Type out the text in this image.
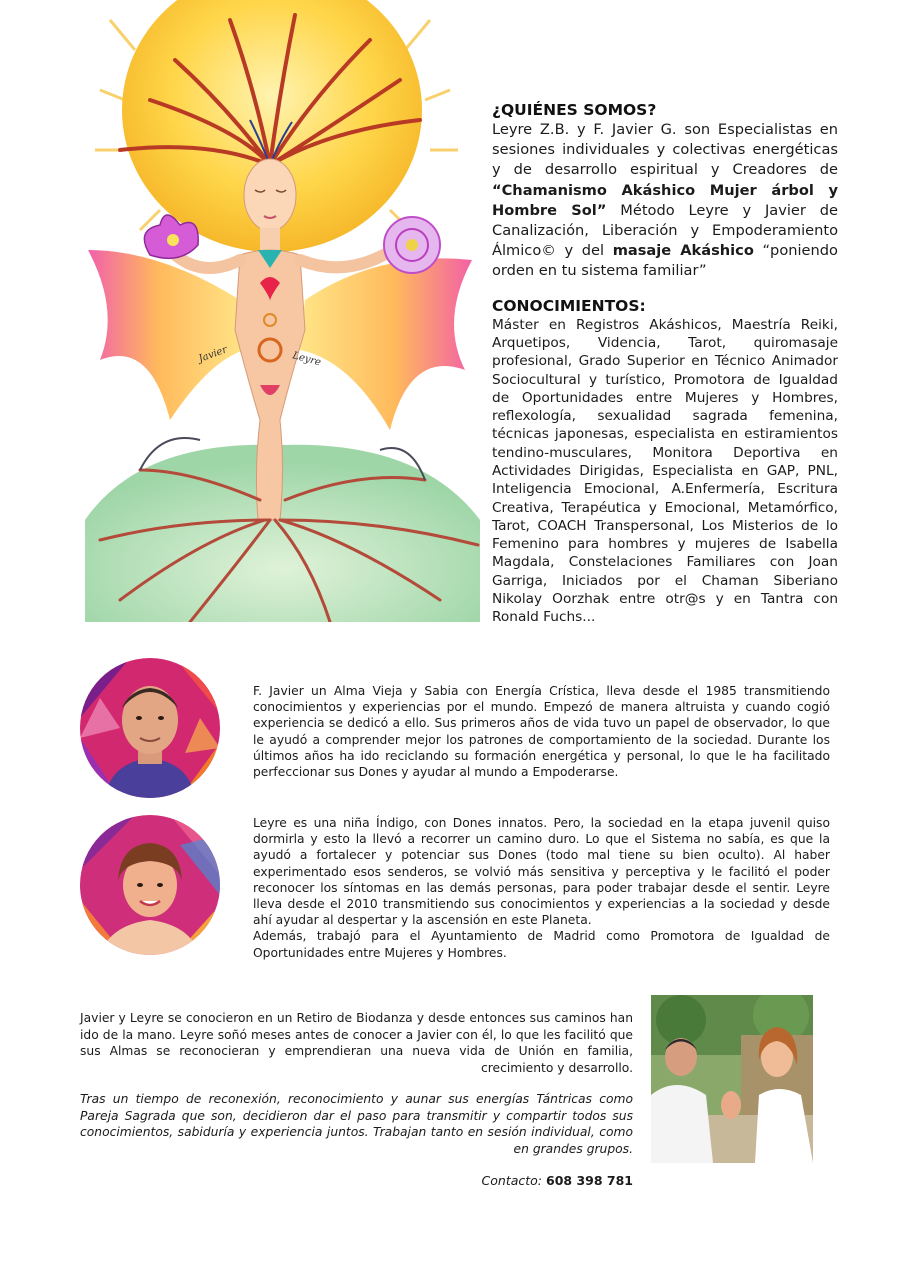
Javier	Leyre
¿QUIÉNES SOMOS?

Leyre Z.B. y F. Javier G. son Especialistas en sesiones individuales y colectivas energéticas y de desarrollo espiritual y Creadores de “Chamanismo Akáshico Mujer árbol y Hombre Sol” Método Leyre y Javier de Canalización, Liberación y Empoderamiento Álmico© y del masaje Akáshico “poniendo orden en tu sistema familiar”

CONOCIMIENTOS:

Máster en Registros Akáshicos, Maestría Reiki, Arquetipos, Videncia, Tarot, quiromasaje profesional, Grado Superior en Técnico Animador Sociocultural y turístico, Promotora de Igualdad de Oportunidades entre Mujeres y Hombres, reflexología, sexualidad sagrada femenina, técnicas japonesas, especialista en estiramientos tendino-musculares, Monitora Deportiva en Actividades Dirigidas, Especialista en GAP, PNL, Inteligencia Emocional, A.Enfermería, Escritura Creativa, Terapéutica y Emocional, Metamórfico, Tarot, COACH Transpersonal, Los Misterios de lo Femenino para hombres y mujeres de Isabella Magdala, Constelaciones Familiares con Joan Garriga, Iniciados por el Chaman Siberiano Nikolay Oorzhak entre otr@s y en Tantra con Ronald Fuchs...

F. Javier un Alma Vieja y Sabia con Energía Crística, lleva desde el 1985 transmitiendo conocimientos y experiencias por el mundo. Empezó de manera altruista y cuando cogió experiencia se dedicó a ello. Sus primeros años de vida tuvo un papel de observador, lo que le ayudó a comprender mejor los patrones de comportamiento de la sociedad. Durante los últimos años ha ido reciclando su formación energética y personal, lo que le ha facilitado perfeccionar sus Dones y ayudar al mundo a Empoderarse.

Leyre es una niña Índigo, con Dones innatos. Pero, la sociedad en la etapa juvenil quiso dormirla y esto la llevó a recorrer un camino duro. Lo que el Sistema no sabía, es que la ayudó a fortalecer y potenciar sus Dones (todo mal tiene su bien oculto). Al haber experimentado esos senderos, se volvió más sensitiva y perceptiva y le facilitó el poder reconocer los síntomas en las demás personas, para poder trabajar desde el sentir. Leyre lleva desde el 2010 transmitiendo sus conocimientos y experiencias a la sociedad y desde ahí ayudar al despertar y la ascensión en este Planeta.

Además, trabajó para el Ayuntamiento de Madrid como Promotora de Igualdad de Oportunidades entre Mujeres y Hombres.

Javier y Leyre se conocieron en un Retiro de Biodanza y desde entonces sus caminos han ido de la mano. Leyre soñó meses antes de conocer a Javier con él, lo que les facilitó que sus Almas se reconocieran y emprendieran una nueva vida de Unión en familia, crecimiento y desarrollo.

Tras un tiempo de reconexión, reconocimiento y aunar sus energías Tántricas como Pareja Sagrada que son, decidieron dar el paso para transmitir y compartir todos sus conocimientos, sabiduría y experiencia juntos. Trabajan tanto en sesión individual, como en grandes grupos.

Contacto: 608 398 781
